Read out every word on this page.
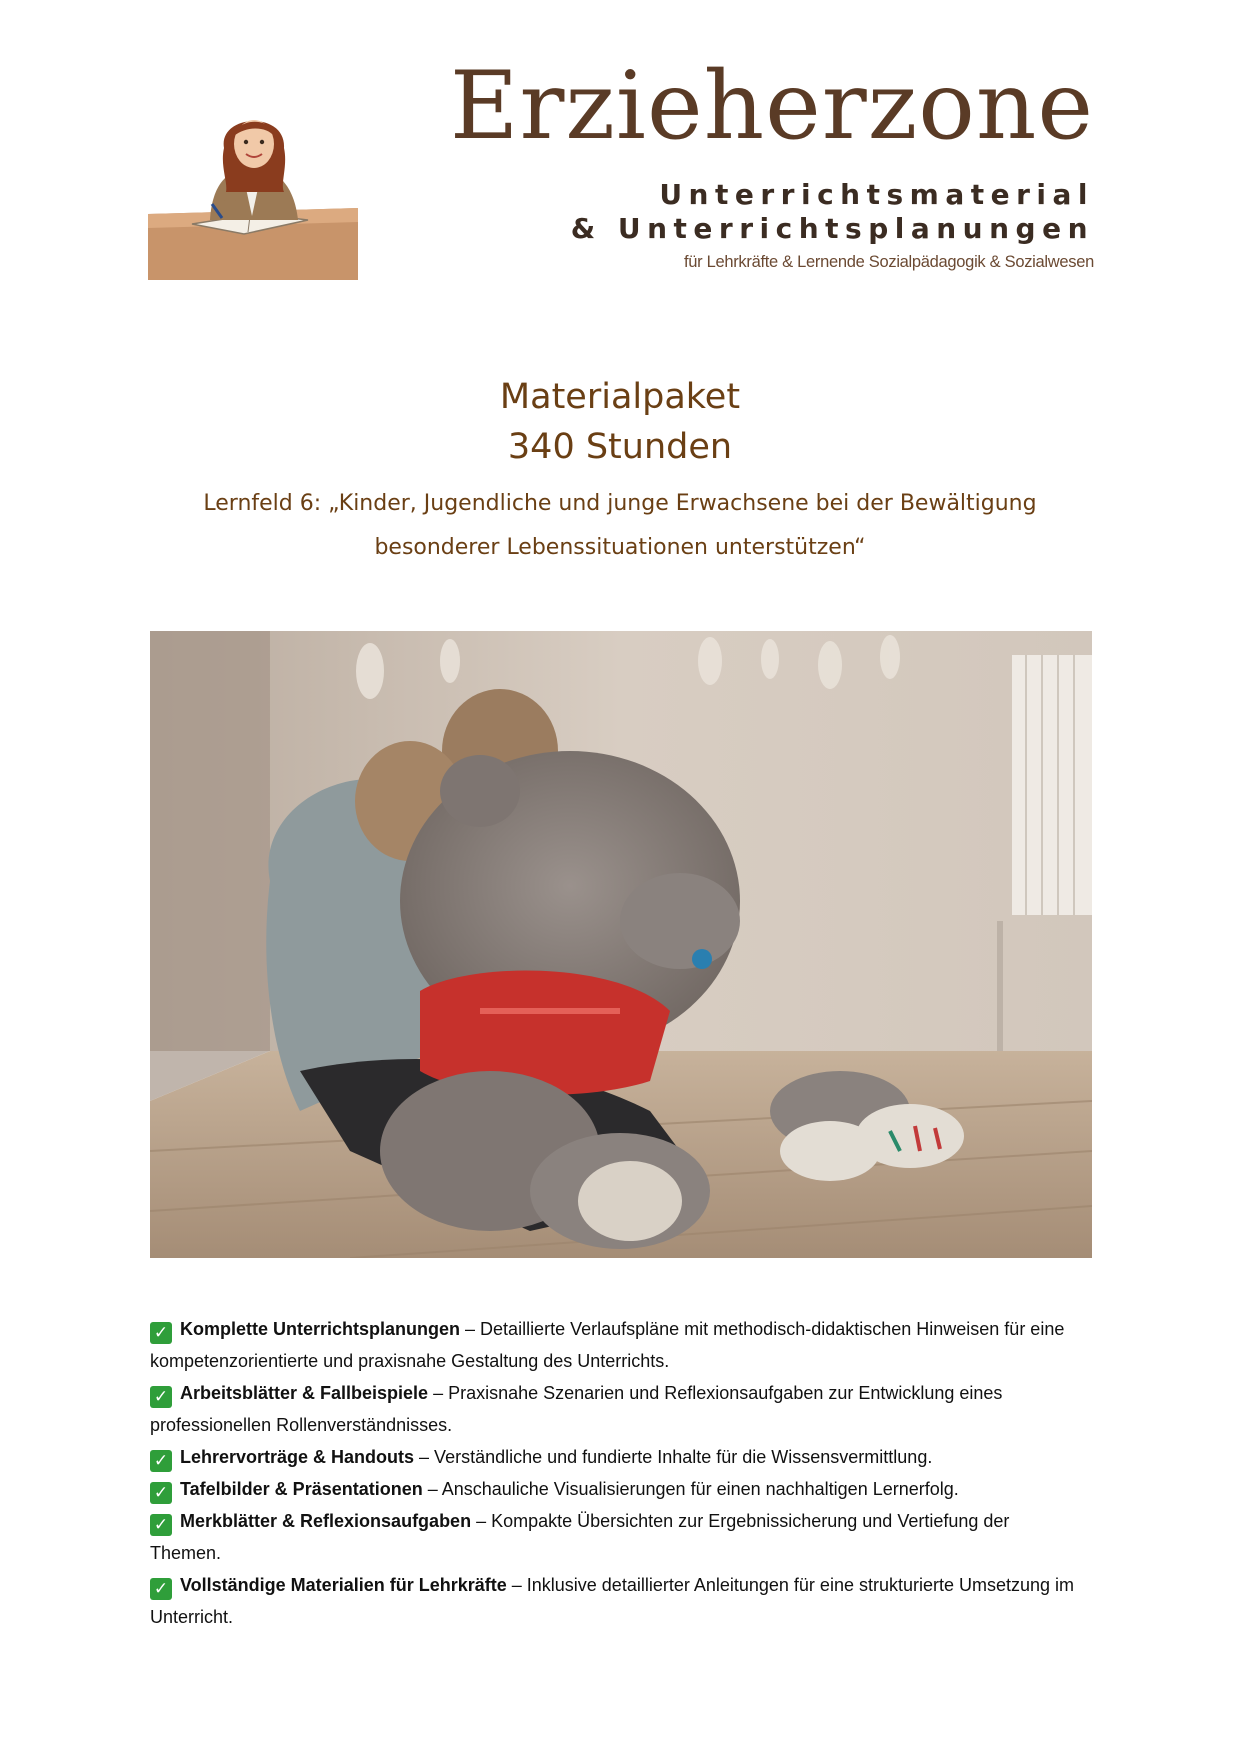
Erzieherzone
Unterrichtsmaterial
& Unterrichtsplanungen
für Lehrkräfte & Lernende Sozialpädagogik & Sozialwesen
Materialpaket
340 Stunden
Lernfeld 6: „Kinder, Jugendliche und junge Erwachsene bei der Bewältigung besonderer Lebenssituationen unterstützen“
✓ Komplette Unterrichtsplanungen – Detaillierte Verlaufspläne mit methodisch-didaktischen Hinweisen für eine kompetenzorientierte und praxisnahe Gestaltung des Unterrichts.
✓ Arbeitsblätter & Fallbeispiele – Praxisnahe Szenarien und Reflexionsaufgaben zur Entwicklung eines professionellen Rollenverständnisses.
✓ Lehrervorträge & Handouts – Verständliche und fundierte Inhalte für die Wissensvermittlung.
✓ Tafelbilder & Präsentationen – Anschauliche Visualisierungen für einen nachhaltigen Lernerfolg.
✓ Merkblätter & Reflexionsaufgaben – Kompakte Übersichten zur Ergebnissicherung und Vertiefung der Themen.
✓ Vollständige Materialien für Lehrkräfte – Inklusive detaillierter Anleitungen für eine strukturierte Umsetzung im Unterricht.
